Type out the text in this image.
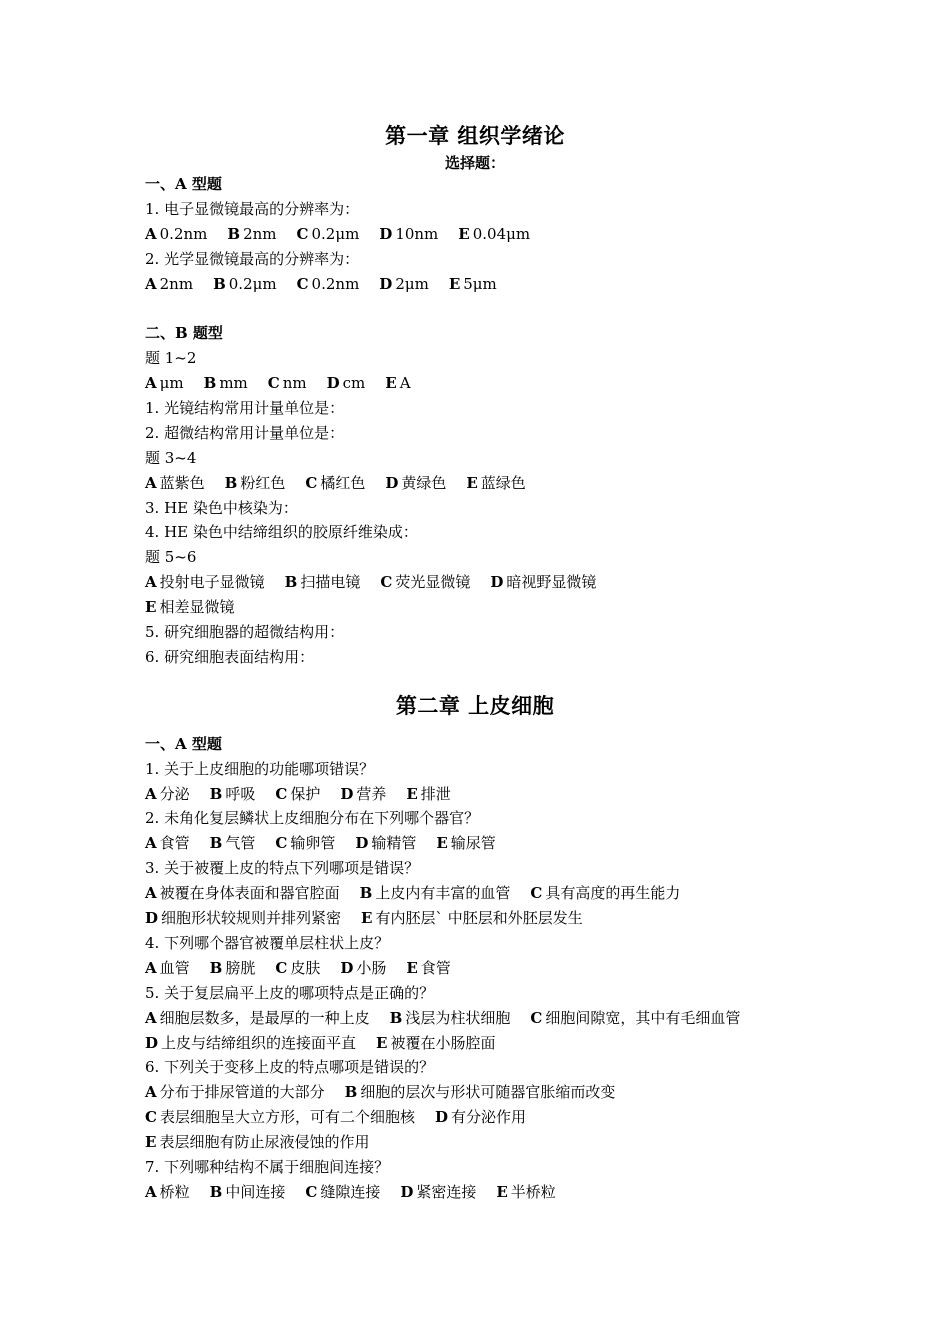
第一章 组织学绪论
选择题：
一、A 型题
1. 电子显微镜最高的分辨率为：
A 0.2nm B 2nm C 0.2μm D 10nm E 0.04μm
2. 光学显微镜最高的分辨率为：
A 2nm B 0.2μm C 0.2nm D 2μm E 5μm
二、B 题型
题 1~2
A μm B mm C nm D cm E A
1. 光镜结构常用计量单位是：
2. 超微结构常用计量单位是：
题 3~4
A 蓝紫色 B 粉红色 C 橘红色 D 黄绿色 E 蓝绿色
3. HE 染色中核染为：
4. HE 染色中结缔组织的胶原纤维染成：
题 5~6
A 投射电子显微镜 B 扫描电镜 C 荧光显微镜 D 暗视野显微镜
E 相差显微镜
5. 研究细胞器的超微结构用：
6. 研究细胞表面结构用：
第二章 上皮细胞
一、A 型题
1. 关于上皮细胞的功能哪项错误？
A 分泌 B 呼吸 C 保护 D 营养 E 排泄
2. 未角化复层鳞状上皮细胞分布在下列哪个器官？
A 食管 B 气管 C 输卵管 D 输精管 E 输尿管
3. 关于被覆上皮的特点下列哪项是错误？
A 被覆在身体表面和器官腔面 B 上皮内有丰富的血管 C 具有高度的再生能力
D 细胞形状较规则并排列紧密 E 有内胚层` 中胚层和外胚层发生
4. 下列哪个器官被覆单层柱状上皮？
A 血管 B 膀胱 C 皮肤 D 小肠 E 食管
5. 关于复层扁平上皮的哪项特点是正确的？
A 细胞层数多，是最厚的一种上皮 B 浅层为柱状细胞 C 细胞间隙宽，其中有毛细血管
D 上皮与结缔组织的连接面平直 E 被覆在小肠腔面
6. 下列关于变移上皮的特点哪项是错误的？
A 分布于排尿管道的大部分 B 细胞的层次与形状可随器官胀缩而改变
C 表层细胞呈大立方形，可有二个细胞核 D 有分泌作用
E 表层细胞有防止尿液侵蚀的作用
7. 下列哪种结构不属于细胞间连接？
A 桥粒 B 中间连接 C 缝隙连接 D 紧密连接 E 半桥粒
